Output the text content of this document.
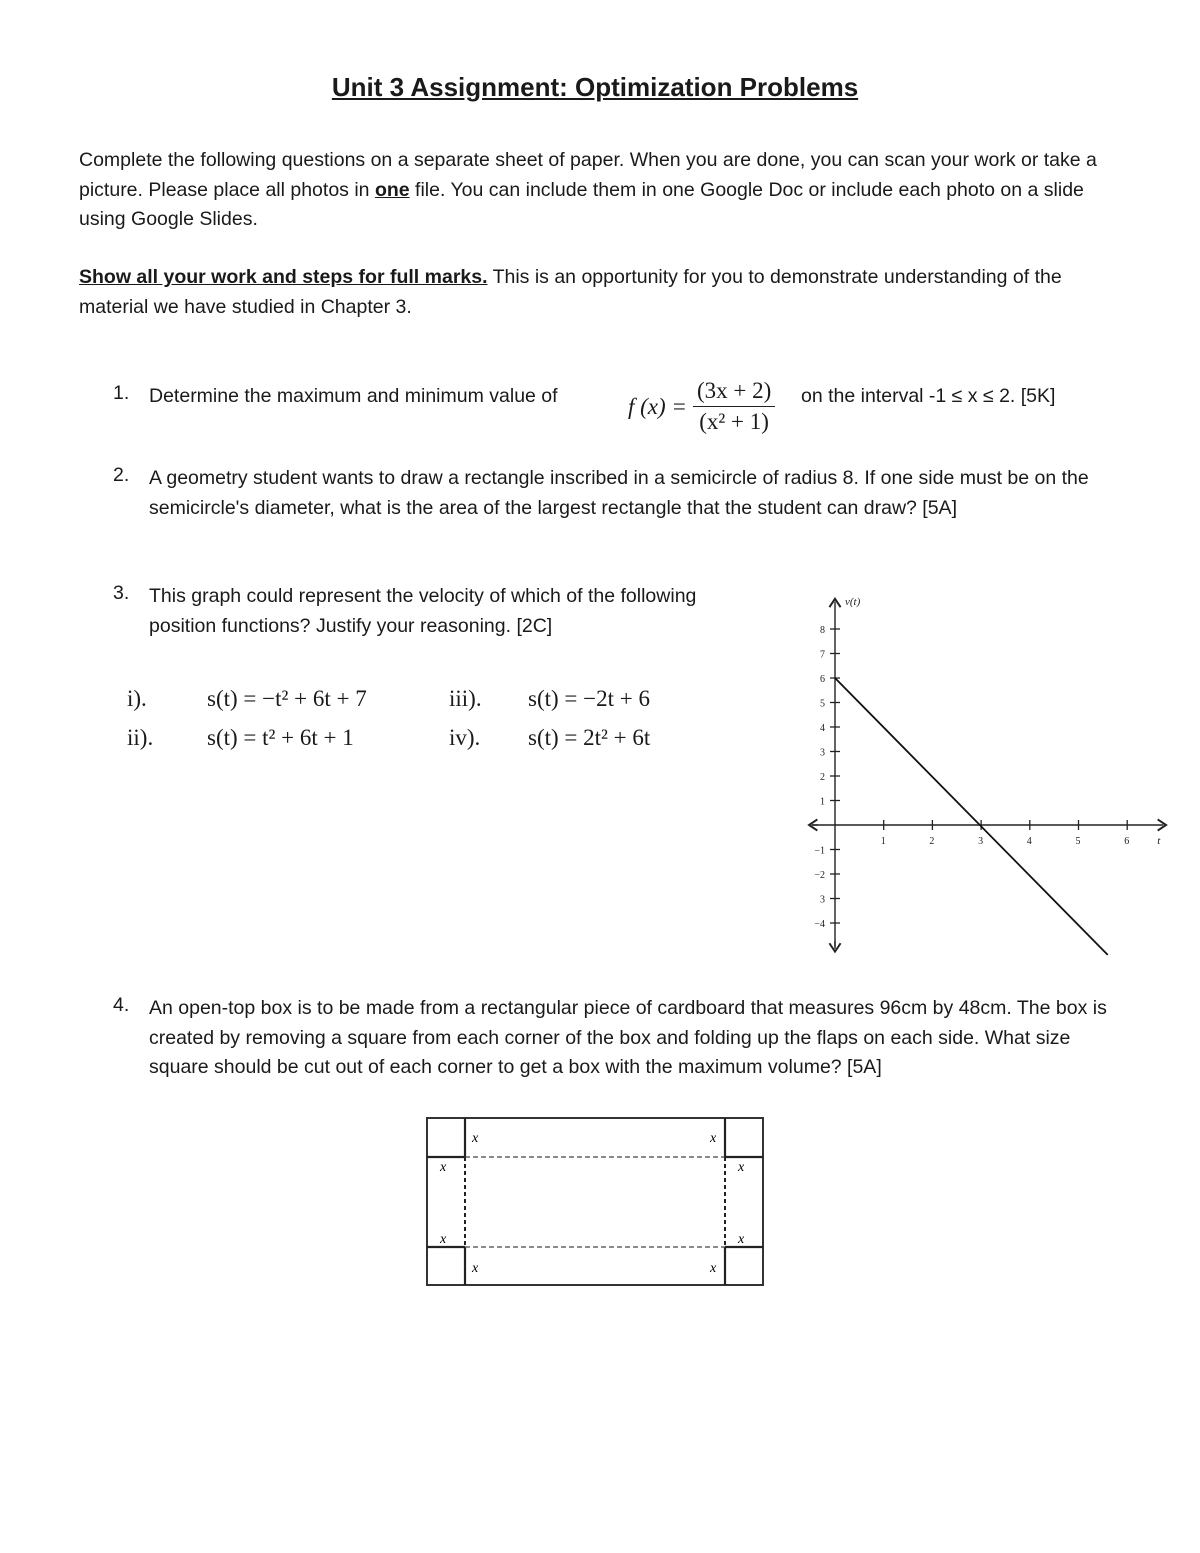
Unit 3 Assignment: Optimization Problems
Complete the following questions on a separate sheet of paper. When you are done, you can scan your work or take a picture. Please place all photos in one file. You can include them in one Google Doc or include each photo on a slide using Google Slides.
Show all your work and steps for full marks. This is an opportunity for you to demonstrate understanding of the material we have studied in Chapter 3.
1. Determine the maximum and minimum value of	f $(x) = \frac{(3x + 2)}{\text{(x² + 1)}}$ on the interval -1 ≤ x ≤ 2. [5K]
2. A geometry student wants to draw a rectangle inscribed in a semicircle of radius 8. If one side must be on the semicircle's diameter, what is the area of the largest rectangle that the student can draw? [5A]
3. This graph could represent the velocity of which of the following position functions? Justify your reasoning. [2C]
i).	s(t) = −t² + 6t + 7	iii). s(t) = −2t + 6
ii). s(t) = t² + 6t + 1	iv). s(t) = 2t² + 6t
1	2	3	4	5	6
8
7
6
5
4
3
2
1
−1
−2
3
−4
v(t)
t
4. An open-top box is to be made from a rectangular piece of cardboard that measures 96cm by 48cm. The box is created by removing a square from each corner of the box and folding up the flaps on each side. What size square should be cut out of each corner to get a box with the maximum volume? [5A]
x	x
x	x
x	x
x	x
